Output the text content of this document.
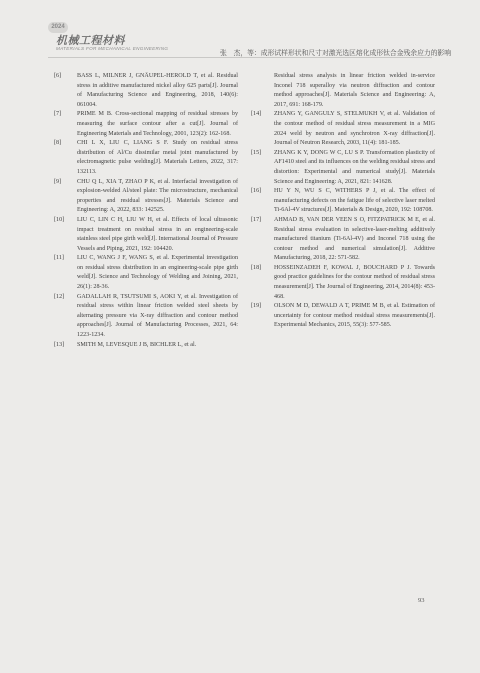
2024
机械工程材料
MATERIALS FOR MECHANICAL ENGINEERING
张　杰，等：成形试样形状和尺寸对激光选区熔化成形钛合金残余应力的影响
[6]	BASS L, MILNER J, GNÄUPEL-HEROLD T, et al. Residual stress in additive manufactured nickel alloy 625 parts[J]. Journal of Manufacturing Science and Engineering, 2018, 140(6): 061004.
[7]	PRIME M B. Cross-sectional mapping of residual stresses by measuring the surface contour after a cut[J]. Journal of Engineering Materials and Technology, 2001, 123(2): 162-168.
[8]	CHI L X, LIU C, LIANG S F. Study on residual stress distribution of Al/Cu dissimilar metal joint manufactured by electromagnetic pulse welding[J]. Materials Letters, 2022, 317: 132113.
[9]	CHU Q L, XIA T, ZHAO P K, et al. Interfacial investigation of explosion-welded Al/steel plate: The microstructure, mechanical properties and residual stresses[J]. Materials Science and Engineering: A, 2022, 833: 142525.
[10] LIU C, LIN C H, LIU W H, et al. Effects of local ultrasonic impact treatment on residual stress in an engineering-scale stainless steel pipe girth weld[J]. International Journal of Pressure Vessels and Piping, 2021, 192: 104420.
[11] LIU C, WANG J F, WANG S, et al. Experimental investigation on residual stress distribution in an engineering-scale pipe girth weld[J]. Science and Technology of Welding and Joining, 2021, 26(1): 28-36.
[12] GADALLAH R, TSUTSUMI S, AOKI Y, et al. Investigation of residual stress within linear friction welded steel sheets by alternating pressure via X-ray diffraction and contour method approaches[J]. Journal of Manufacturing Processes, 2021, 64: 1223-1234.
[13] SMITH M, LEVESQUE J B, BICHLER L, et al.
Residual stress analysis in linear friction welded in-service Inconel 718 superalloy via neutron diffraction and contour method approaches[J]. Materials Science and Engineering: A, 2017, 691: 168-179.
[14] ZHANG Y, GANGULY S, STELMUKH V, et al. Validation of the contour method of residual stress measurement in a MIG 2024 weld by neutron and synchrotron X-ray diffraction[J]. Journal of Neutron Research, 2003, 11(4): 181-185.
[15] ZHANG K Y, DONG W C, LU S P. Transformation plasticity of AF1410 steel and its influences on the welding residual stress and distortion: Experimental and numerical study[J]. Materials Science and Engineering: A, 2021, 821: 141628.
[16] HU Y N, WU S C, WITHERS P J, et al. The effect of manufacturing defects on the fatigue life of selective laser melted Ti-6Al-4V structures[J]. Materials & Design, 2020, 192: 108708.
[17] AHMAD B, VAN DER VEEN S O, FITZPATRICK M E, et al. Residual stress evaluation in selective-laser-melting additively manufactured titanium (Ti-6Al-4V) and Inconel 718 using the contour method and numerical simulation[J]. Additive Manufacturing, 2018, 22: 571-582.
[18] HOSSEINZADEH F, KOWAL J, BOUCHARD P J. Towards good practice guidelines for the contour method of residual stress measurement[J]. The Journal of Engineering, 2014, 2014(8): 453-468.
[19] OLSON M D, DEWALD A T, PRIME M B, et al. Estimation of uncertainty for contour method residual stress measurements[J]. Experimental Mechanics, 2015, 55(3): 577-585.
93
